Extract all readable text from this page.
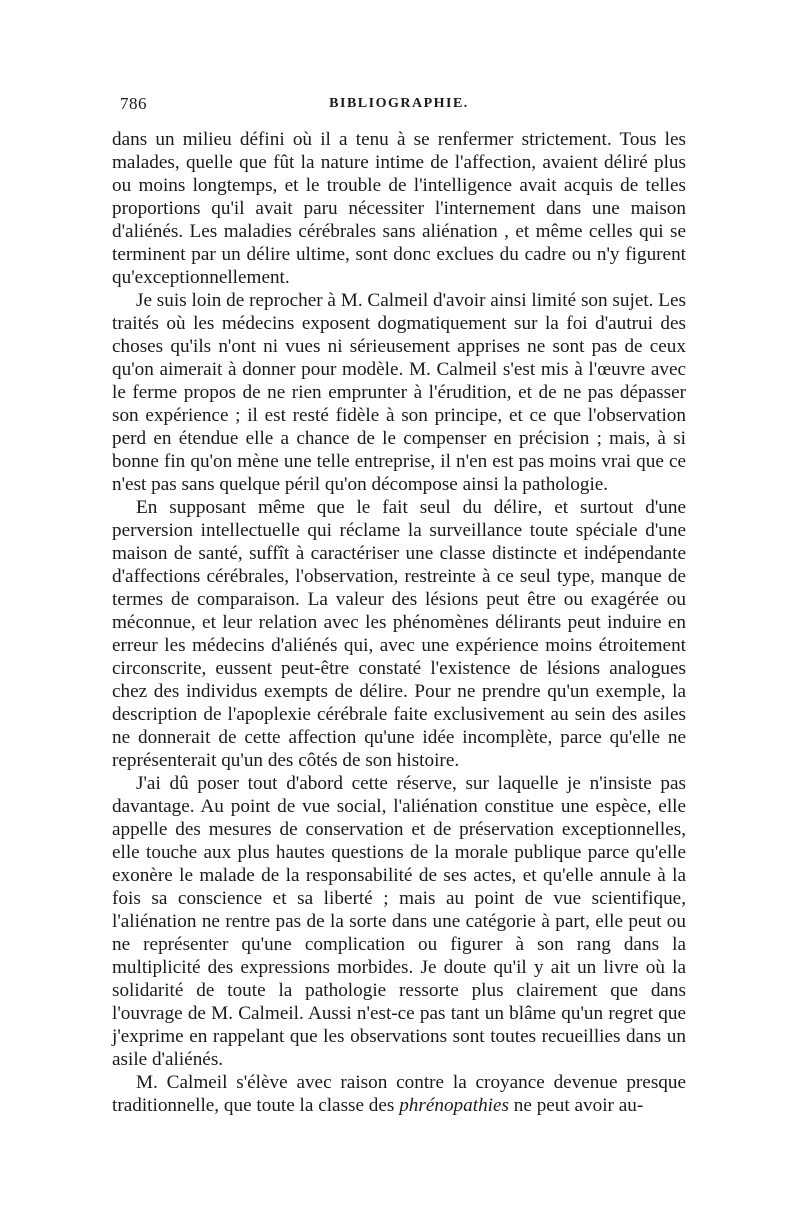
786	BIBLIOGRAPHIE.

dans un milieu défini où il a tenu à se renfermer strictement. Tous les malades, quelle que fût la nature intime de l'affection, avaient déliré plus ou moins longtemps, et le trouble de l'intelligence avait acquis de telles proportions qu'il avait paru nécessiter l'internement dans une maison d'aliénés. Les maladies cérébrales sans aliénation , et même celles qui se terminent par un délire ultime, sont donc exclues du cadre ou n'y figurent qu'exceptionnellement.

Je suis loin de reprocher à M. Calmeil d'avoir ainsi limité son sujet. Les traités où les médecins exposent dogmatiquement sur la foi d'autrui des choses qu'ils n'ont ni vues ni sérieusement apprises ne sont pas de ceux qu'on aimerait à donner pour modèle. M. Calmeil s'est mis à l'œuvre avec le ferme propos de ne rien emprunter à l'érudition, et de ne pas dépasser son expérience ; il est resté fidèle à son principe, et ce que l'observation perd en étendue elle a chance de le compenser en précision ; mais, à si bonne fin qu'on mène une telle entreprise, il n'en est pas moins vrai que ce n'est pas sans quelque péril qu'on décompose ainsi la pathologie.

En supposant même que le fait seul du délire, et surtout d'une perversion intellectuelle qui réclame la surveillance toute spéciale d'une maison de santé, suffît à caractériser une classe distincte et indépendante d'affections cérébrales, l'observation, restreinte à ce seul type, manque de termes de comparaison. La valeur des lésions peut être ou exagérée ou méconnue, et leur relation avec les phénomènes délirants peut induire en erreur les médecins d'aliénés qui, avec une expérience moins étroitement circonscrite, eussent peut-être constaté l'existence de lésions analogues chez des individus exempts de délire. Pour ne prendre qu'un exemple, la description de l'apoplexie cérébrale faite exclusivement au sein des asiles ne donnerait de cette affection qu'une idée incomplète, parce qu'elle ne représenterait qu'un des côtés de son histoire.

J'ai dû poser tout d'abord cette réserve, sur laquelle je n'insiste pas davantage. Au point de vue social, l'aliénation constitue une espèce, elle appelle des mesures de conservation et de préservation exceptionnelles, elle touche aux plus hautes questions de la morale publique parce qu'elle exonère le malade de la responsabilité de ses actes, et qu'elle annule à la fois sa conscience et sa liberté ; mais au point de vue scientifique, l'aliénation ne rentre pas de la sorte dans une catégorie à part, elle peut ou ne représenter qu'une complication ou figurer à son rang dans la multiplicité des expressions morbides. Je doute qu'il y ait un livre où la solidarité de toute la pathologie ressorte plus clairement que dans l'ouvrage de M. Calmeil. Aussi n'est-ce pas tant un blâme qu'un regret que j'exprime en rappelant que les observations sont toutes recueillies dans un asile d'aliénés.

M. Calmeil s'élève avec raison contre la croyance devenue presque traditionnelle, que toute la classe des phrénopathies ne peut avoir au-
